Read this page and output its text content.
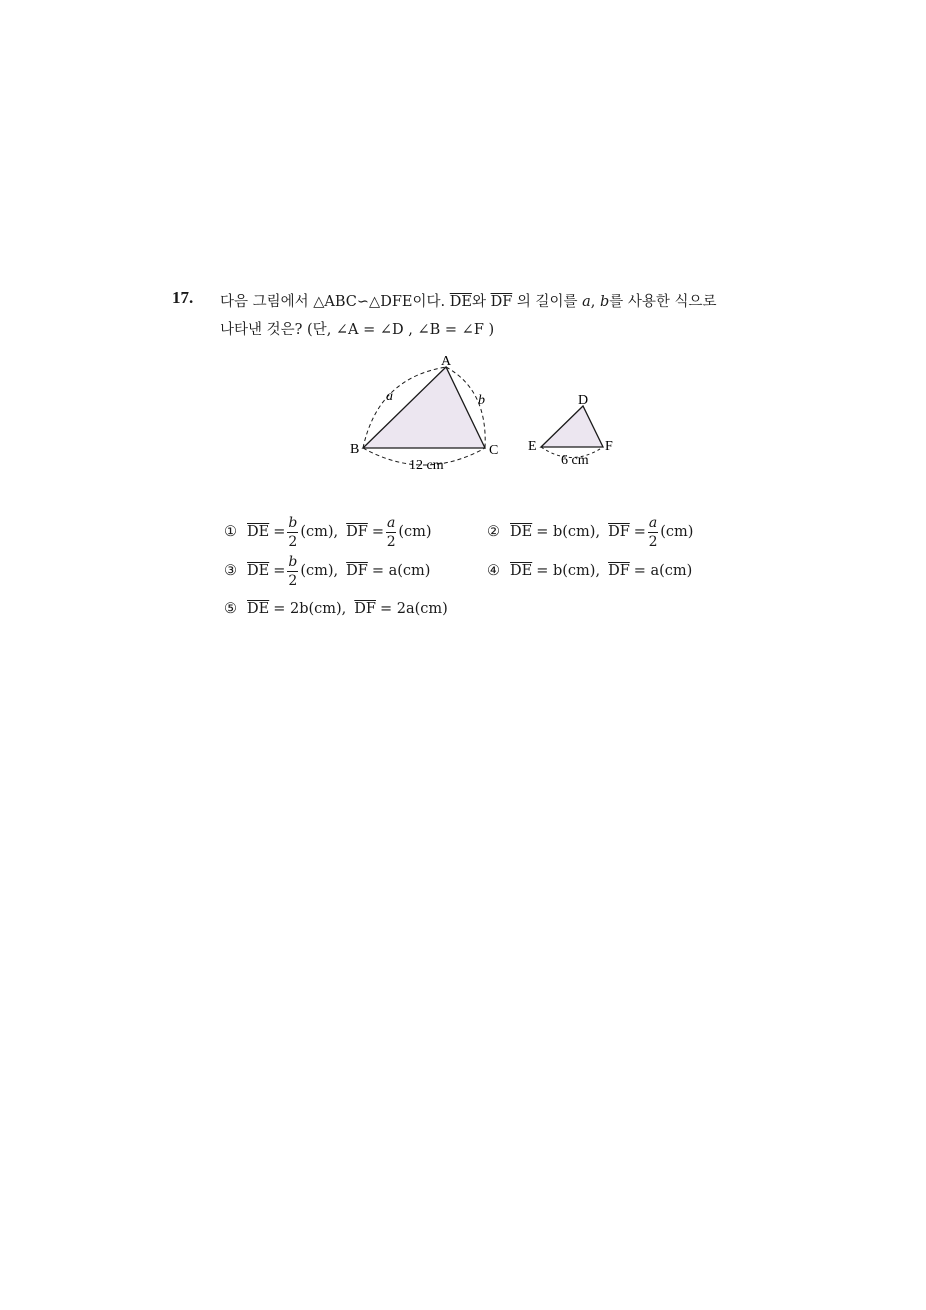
17. 다음 그림에서 △ABC∽△DFE이다. $\overline{DE}$와 $\overline{DF}$ 의 길이를 a, b를 사용한 식으로
나타낸 것은? (단, ∠A = ∠D , ∠B = ∠F )
A
B	C
a	b
12 cm
D
E	F
6 cm
① $\overline{DE} = \frac{b}{2} (cm)$, $\overline{DF} = \frac{a}{2} (cm)$	② $\overline{DE} = b(cm)$, $\overline{DF} = \frac{a}{2} (cm)$
③ $\overline{DE} = \frac{b}{2} (cm)$, $\overline{DF} = a(cm)$	④ $\overline{DE} = b(cm)$, $\overline{DF} = a(cm)$
⑤ $\overline{DE} = 2b(cm)$, $\overline{DF} = 2a(cm)$
